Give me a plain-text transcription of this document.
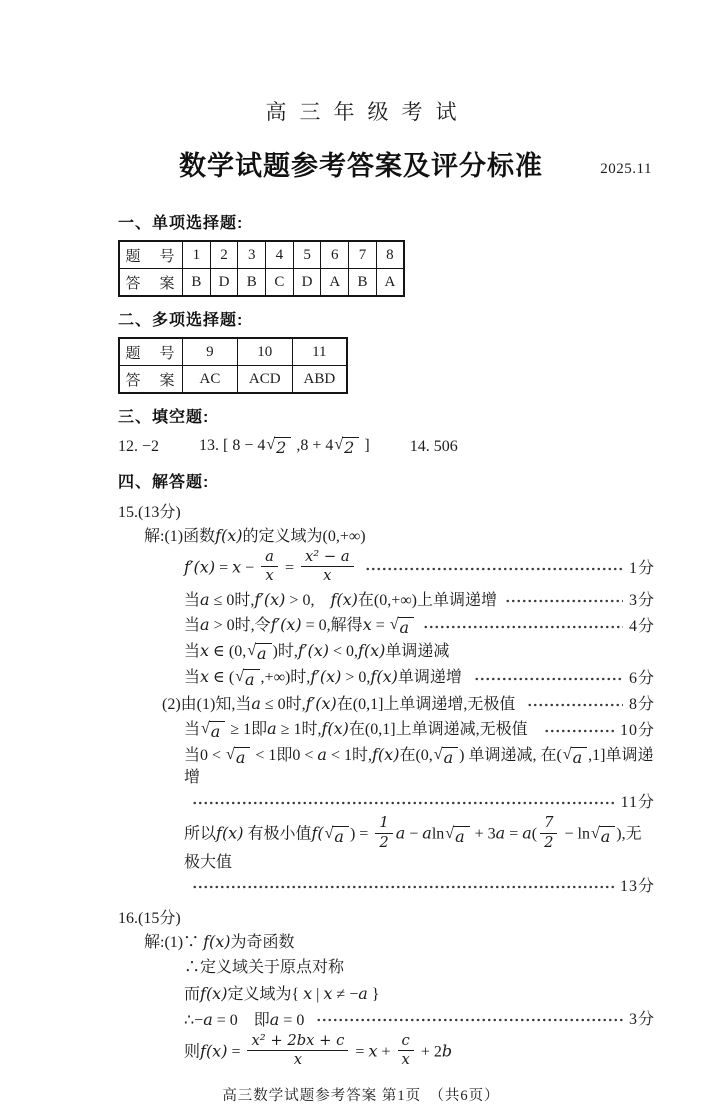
高三年级考试
数学试题参考答案及评分标准	2025.11
一、单项选择题:
题　号	1	2	3	4	5	6	7	8
答　案	B	D	B	C	D	A	B	A
二、多项选择题:
题　号	9	10	11
答　案	AC	ACD	ABD
三、填空题:
12. −2	13. [ 8 − 4 √ 2 ,8 + 4 √ 2 ]	14. 506
四、解答题:
15.(13分)
解:(1)函数f(x)的定义域为(0,+∞)
$f'(x) = x - \frac{a}{x} = \frac{\text{x² − a}}{x}$	1分
当a ≤ 0时,f′(x) > 0,　f(x)在(0,+∞)上单调递增	3分
当a > 0时,令f′(x) = 0,解得x = √ a	4分
当x ∈ (0, √ a )时,f′(x) < 0,f(x)单调递减
当x ∈ ( √ a ,+∞)时,f′(x) > 0,f(x)单调递增	6分
(2)由(1)知,当a ≤ 0时,f′(x)在(0,1]上单调递增,无极值	8分
当 √ a ≥ 1即a ≥ 1时,f(x)在(0,1]上单调递减,无极值	10分
当0 < √ a < 1即0 < a < 1时,f(x)在(0, √ a ) 单调递减, 在( √ a ,1]单调递增
11分
所以f(x) 有极小值f( √ a ) = $\frac{1}{2}$ a − aln √ $a + 3a = a( \frac{7}{2} - \ln$ √ a ),无极大值
13分
16.(15分)
解:(1)∵ f(x)为奇函数
∴定义域关于原点对称
而f(x)定义域为{ x | x ≠ −a }
∴−a = 0　即a = 0	3分
则$f(x) = \frac{\text{x² + 2bx + c}}{x} = x + \frac{c}{x} + 2b$
高三数学试题参考答案 第1页　（共6页）
